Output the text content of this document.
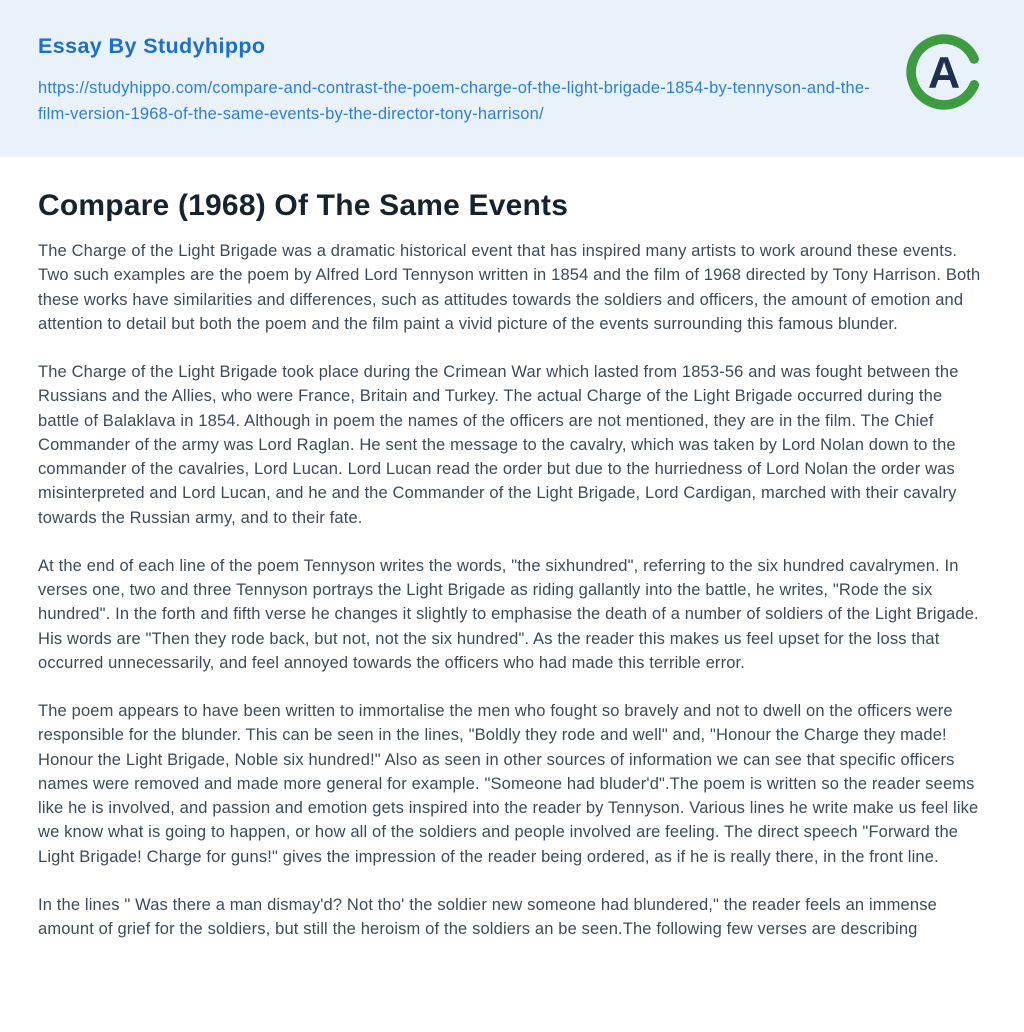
Essay By Studyhippo
https://studyhippo.com/compare-and-contrast-the-poem-charge-of-the-light-brigade-1854-by-tennyson-and-the-film-version-1968-of-the-same-events-by-the-director-tony-harrison/
A
Compare (1968) Of The Same Events

The Charge of the Light Brigade was a dramatic historical event that has inspired many artists to work around these events. Two such examples are the poem by Alfred Lord Tennyson written in 1854 and the film of 1968 directed by Tony Harrison. Both these works have similarities and differences, such as attitudes towards the soldiers and officers, the amount of emotion and attention to detail but both the poem and the film paint a vivid picture of the events surrounding this famous blunder.

The Charge of the Light Brigade took place during the Crimean War which lasted from 1853-56 and was fought between the Russians and the Allies, who were France, Britain and Turkey. The actual Charge of the Light Brigade occurred during the battle of Balaklava in 1854. Although in poem the names of the officers are not mentioned, they are in the film. The Chief Commander of the army was Lord Raglan. He sent the message to the cavalry, which was taken by Lord Nolan down to the commander of the cavalries, Lord Lucan. Lord Lucan read the order but due to the hurriedness of Lord Nolan the order was misinterpreted and Lord Lucan, and he and the Commander of the Light Brigade, Lord Cardigan, marched with their cavalry towards the Russian army, and to their fate.

At the end of each line of the poem Tennyson writes the words, "the sixhundred", referring to the six hundred cavalrymen. In verses one, two and three Tennyson portrays the Light Brigade as riding gallantly into the battle, he writes, "Rode the six hundred". In the forth and fifth verse he changes it slightly to emphasise the death of a number of soldiers of the Light Brigade. His words are "Then they rode back, but not, not the six hundred". As the reader this makes us feel upset for the loss that occurred unnecessarily, and feel annoyed towards the officers who had made this terrible error.

The poem appears to have been written to immortalise the men who fought so bravely and not to dwell on the officers were responsible for the blunder. This can be seen in the lines, "Boldly they rode and well" and, "Honour the Charge they made! Honour the Light Brigade, Noble six hundred!" Also as seen in other sources of information we can see that specific officers names were removed and made more general for example. "Someone had bluder'd".The poem is written so the reader seems like he is involved, and passion and emotion gets inspired into the reader by Tennyson. Various lines he write make us feel like we know what is going to happen, or how all of the soldiers and people involved are feeling. The direct speech "Forward the Light Brigade! Charge for guns!" gives the impression of the reader being ordered, as if he is really there, in the front line.

In the lines " Was there a man dismay'd? Not tho' the soldier new someone had blundered," the reader feels an immense amount of grief for the soldiers, but still the heroism of the soldiers an be seen.The following few verses are describing
